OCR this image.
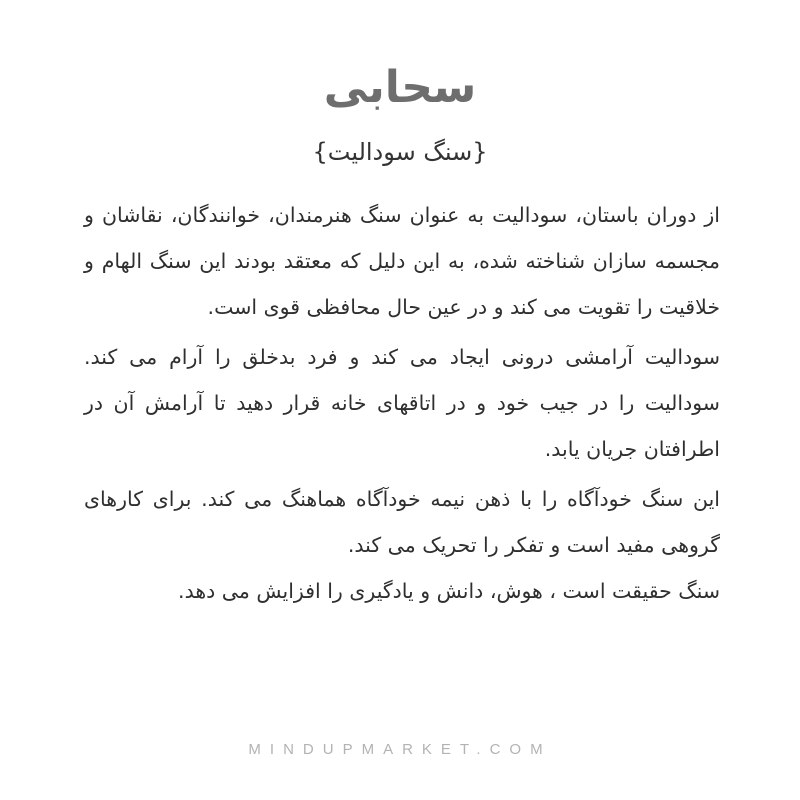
سحابی
{سنگ سودالیت}

از دوران باستان، سودالیت به عنوان سنگ هنرمندان، خوانندگان، نقاشان و مجسمه سازان شناخته شده، به این دلیل که معتقد بودند این سنگ الهام و خلاقیت را تقویت می کند و در عین حال محافظی قوی است.

سودالیت آرامشی درونی ایجاد می کند و فرد بدخلق را آرام می کند. سودالیت را در جیب خود و در اتاقهای خانه قرار دهید تا آرامش آن در اطرافتان جریان یابد.

این سنگ خودآگاه را با ذهن نیمه خودآگاه هماهنگ می کند. برای کارهای گروهی مفید است و تفکر را تحریک می کند.

سنگ حقیقت است ، هوش، دانش و یادگیری را افزایش می دهد.

MINDUPMARKET.COM
